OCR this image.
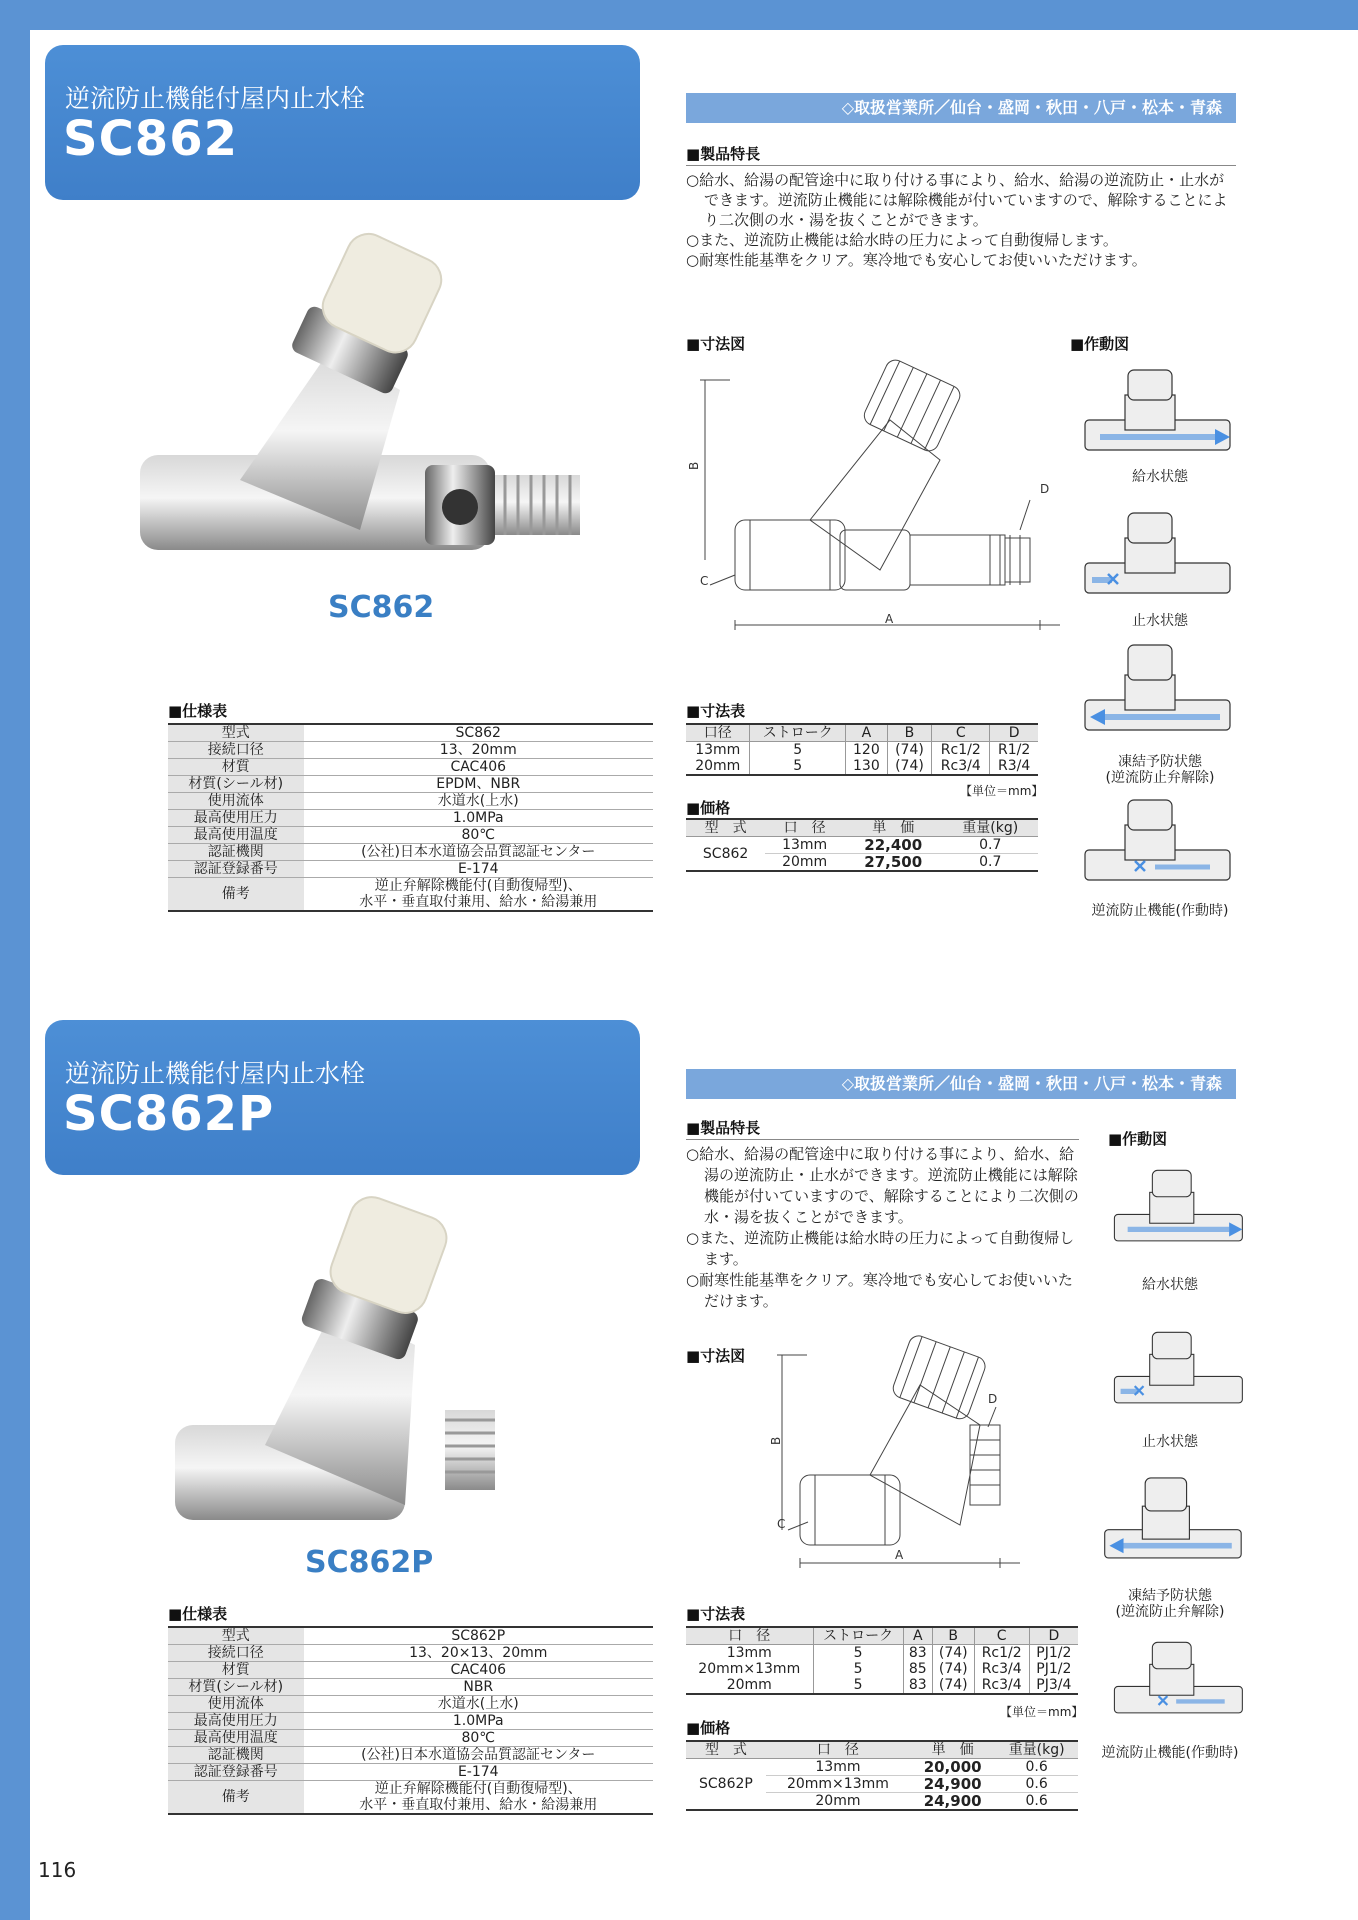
逆流防止機能付屋内止水栓
SC862
◇取扱営業所／仙台・盛岡・秋田・八戸・松本・青森
■製品特長
○給水、給湯の配管途中に取り付ける事により、給水、給湯の逆流防止・止水ができます。逆流防止機能には解除機能が付いていますので、解除することにより二次側の水・湯を抜くことができます。
○また、逆流防止機能は給水時の圧力によって自動復帰します。
○耐寒性能基準をクリア。寒冷地でも安心してお使いいただけます。
SC862
■寸法図
B
A
C
D
■作動図
給水状態
止水状態
凍結予防状態
(逆流防止弁解除)
逆流防止機能(作動時)
■仕様表
型式	SC862

接続口径	13、20mm

材質	CAC406

材質(シール材)	EPDM、NBR

使用流体	水道水(上水)

最高使用圧力	1.0MPa

最高使用温度	80℃

認証機関	(公社)日本水道協会品質認証センター

認証登録番号	E-174

備考	逆止弁解除機能付(自動復帰型)、
水平・垂直取付兼用、給水・給湯兼用
■寸法表
口径	ストローク	A	B	C	D
13mm	5	120	(74)	Rc1/2	R1/2
20mm	5	130	(74)	Rc3/4	R3/4
【単位＝mm】
■価格
型　式	口　径	単　価	重量(kg)
SC862	13mm	22,400	0.7
	20mm	27,500	0.7
逆流防止機能付屋内止水栓
SC862P
◇取扱営業所／仙台・盛岡・秋田・八戸・松本・青森
■製品特長
○給水、給湯の配管途中に取り付ける事により、給水、給湯の逆流防止・止水ができます。逆流防止機能には解除機能が付いていますので、解除することにより二次側の水・湯を抜くことができます。
○また、逆流防止機能は給水時の圧力によって自動復帰します。
○耐寒性能基準をクリア。寒冷地でも安心してお使いいただけます。
SC862P
■寸法図
B
A
C
D
■作動図
給水状態
止水状態
凍結予防状態
(逆流防止弁解除)
逆流防止機能(作動時)
■仕様表
型式	SC862P

接続口径	13、20×13、20mm

材質	CAC406

材質(シール材)	NBR

使用流体	水道水(上水)

最高使用圧力	1.0MPa

最高使用温度	80℃

認証機関	(公社)日本水道協会品質認証センター

認証登録番号	E-174

備考	逆止弁解除機能付(自動復帰型)、
水平・垂直取付兼用、給水・給湯兼用
■寸法表
口　径	ストローク	A	B	C	D
13mm	5	83	(74)	Rc1/2	PJ1/2
20mm×13mm	5	85	(74)	Rc3/4	PJ1/2
20mm	5	83	(74)	Rc3/4	PJ3/4
【単位＝mm】
■価格
型　式	口　径	単　価	重量(kg)
SC862P	13mm	20,000	0.6
	20mm×13mm	24,900	0.6
	20mm	24,900	0.6
116
